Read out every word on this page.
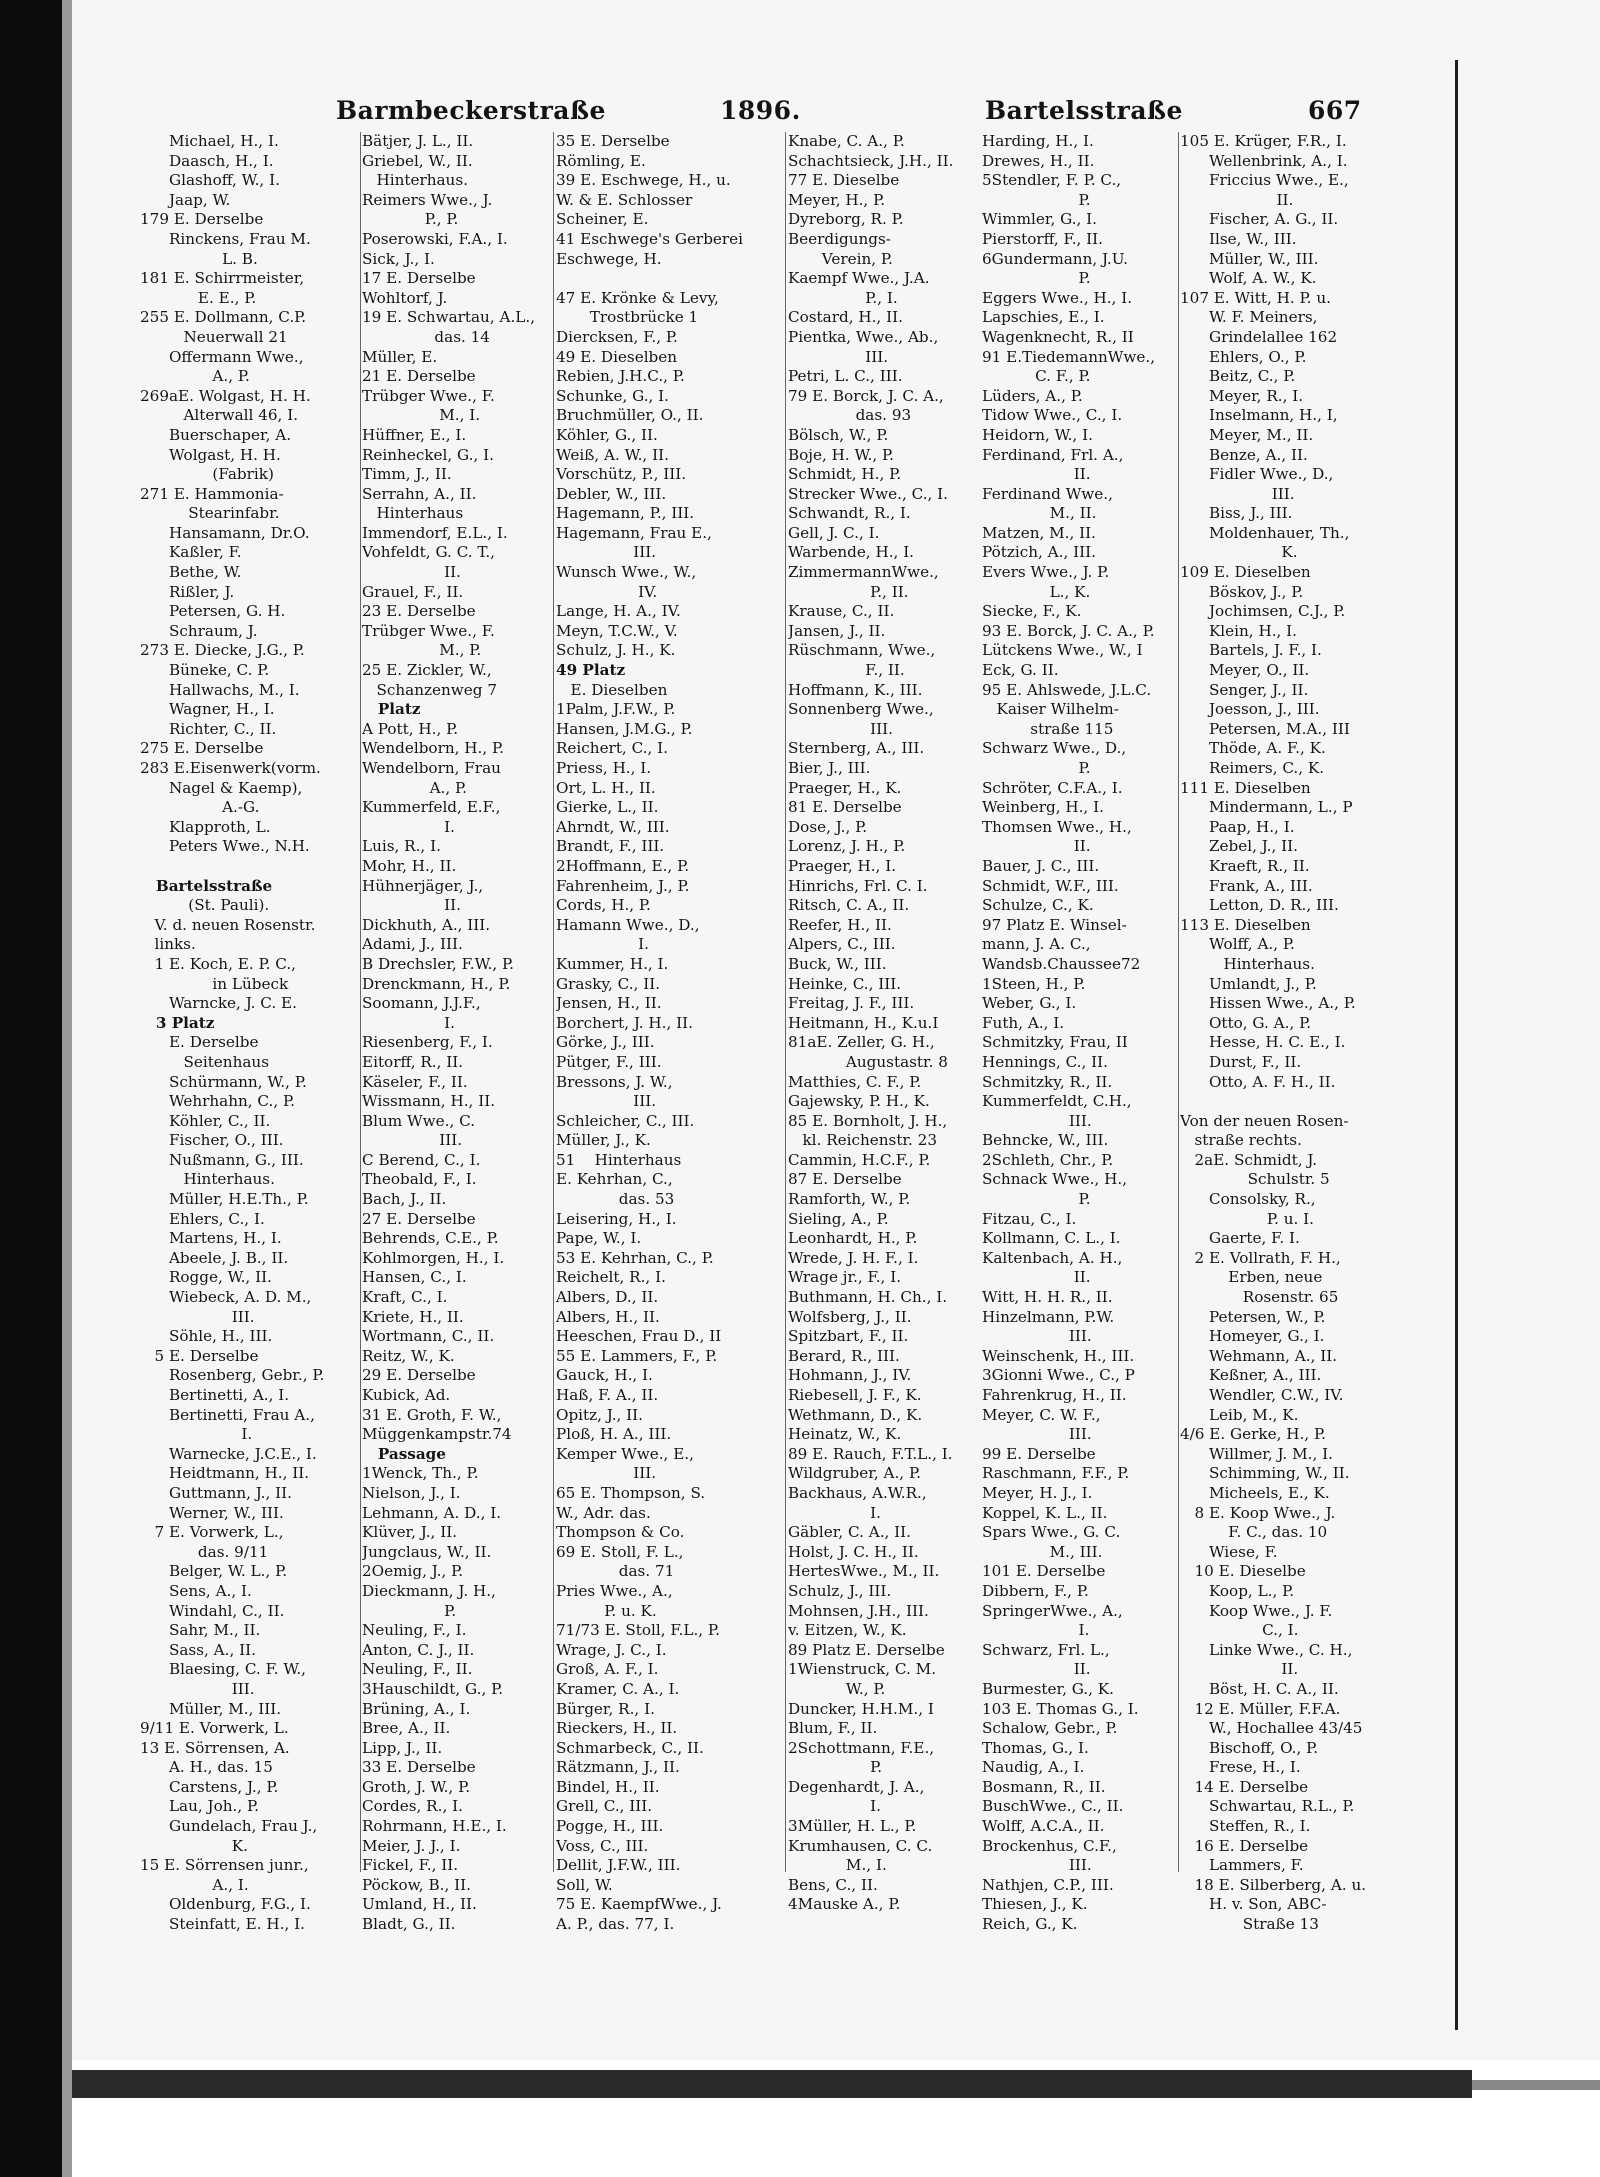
Barmbeckerstraße	1896.	Bartelsstraße	667
Michael, H., I.
Daasch, H., I.
Glashoff, W., I.
Jaap, W.
179 E. Derselbe
Rinckens, Frau M.
L. B.
181 E. Schirrmeister,
E. E., P.
255 E. Dollmann, C.P.
Neuerwall 21
Offermann Wwe.,
A., P.
269aE. Wolgast, H. H.
Alterwall 46, I.
Buerschaper, A.
Wolgast, H. H.
(Fabrik)
271 E. Hammonia-
Stearinfabr.
Hansamann, Dr.O.
Kaßler, F.
Bethe, W.
Rißler, J.
Petersen, G. H.
Schraum, J.
273 E. Diecke, J.G., P.
Büneke, C. P.
Hallwachs, M., I.
Wagner, H., I.
Richter, C., II.
275 E. Derselbe
283 E.Eisenwerk(vorm.
Nagel & Kaemp),
A.-G.
Klapproth, L.
Peters Wwe., N.H.
Bartelsstraße
(St. Pauli).
V. d. neuen Rosenstr.
links.
1 E. Koch, E. P. C.,
in Lübeck
Warncke, J. C. E.
3 Platz
E. Derselbe
Seitenhaus
Schürmann, W., P.
Wehrhahn, C., P.
Köhler, C., II.
Fischer, O., III.
Nußmann, G., III.
Hinterhaus.
Müller, H.E.Th., P.
Ehlers, C., I.
Martens, H., I.
Abeele, J. B., II.
Rogge, W., II.
Wiebeck, A. D. M.,
III.
Söhle, H., III.
5 E. Derselbe
Rosenberg, Gebr., P.
Bertinetti, A., I.
Bertinetti, Frau A.,
I.
Warnecke, J.C.E., I.
Heidtmann, H., II.
Guttmann, J., II.
Werner, W., III.
7 E. Vorwerk, L.,
das. 9/11
Belger, W. L., P.
Sens, A., I.
Windahl, C., II.
Sahr, M., II.
Sass, A., II.
Blaesing, C. F. W.,
III.
Müller, M., III.
9/11 E. Vorwerk, L.
13 E. Sörrensen, A.
A. H., das. 15
Carstens, J., P.
Lau, Joh., P.
Gundelach, Frau J.,
K.
15 E. Sörrensen junr.,
A., I.
Oldenburg, F.G., I.
Steinfatt, E. H., I.
Bätjer, J. L., II.
Griebel, W., II.
Hinterhaus.
Reimers Wwe., J.
P., P.
Poserowski, F.A., I.
Sick, J., I.
17 E. Derselbe
Wohltorf, J.
19 E. Schwartau, A.L.,
das. 14
Müller, E.
21 E. Derselbe
Trübger Wwe., F.
M., I.
Hüffner, E., I.
Reinheckel, G., I.
Timm, J., II.
Serrahn, A., II.
Hinterhaus
Immendorf, E.L., I.
Vohfeldt, G. C. T.,
II.
Grauel, F., II.
23 E. Derselbe
Trübger Wwe., F.
M., P.
25 E. Zickler, W.,
Schanzenweg 7
Platz
A Pott, H., P.
Wendelborn, H., P.
Wendelborn, Frau
A., P.
Kummerfeld, E.F.,
I.
Luis, R., I.
Mohr, H., II.
Hühnerjäger, J.,
II.
Dickhuth, A., III.
Adami, J., III.
B Drechsler, F.W., P.
Drenckmann, H., P.
Soomann, J.J.F.,
I.
Riesenberg, F., I.
Eitorff, R., II.
Käseler, F., II.
Wissmann, H., II.
Blum Wwe., C.
III.
C Berend, C., I.
Theobald, F., I.
Bach, J., II.
27 E. Derselbe
Behrends, C.E., P.
Kohlmorgen, H., I.
Hansen, C., I.
Kraft, C., I.
Kriete, H., II.
Wortmann, C., II.
Reitz, W., K.
29 E. Derselbe
Kubick, Ad.
31 E. Groth, F. W.,
Müggenkampstr.74
Passage
1Wenck, Th., P.
Nielson, J., I.
Lehmann, A. D., I.
Klüver, J., II.
Jungclaus, W., II.
2Oemig, J., P.
Dieckmann, J. H.,
P.
Neuling, F., I.
Anton, C. J., II.
Neuling, F., II.
3Hauschildt, G., P.
Brüning, A., I.
Bree, A., II.
Lipp, J., II.
33 E. Derselbe
Groth, J. W., P.
Cordes, R., I.
Rohrmann, H.E., I.
Meier, J. J., I.
Fickel, F., II.
Pöckow, B., II.
Umland, H., II.
Bladt, G., II.
35 E. Derselbe
Römling, E.
39 E. Eschwege, H., u.
W. & E. Schlosser
Scheiner, E.
41 Eschwege's Gerberei
Eschwege, H.
47 E. Krönke & Levy,
Trostbrücke 1
Diercksen, F., P.
49 E. Dieselben
Rebien, J.H.C., P.
Schunke, G., I.
Bruchmüller, O., II.
Köhler, G., II.
Weiß, A. W., II.
Vorschütz, P., III.
Debler, W., III.
Hagemann, P., III.
Hagemann, Frau E.,
III.
Wunsch Wwe., W.,
IV.
Lange, H. A., IV.
Meyn, T.C.W., V.
Schulz, J. H., K.
49 Platz
E. Dieselben
1Palm, J.F.W., P.
Hansen, J.M.G., P.
Reichert, C., I.
Priess, H., I.
Ort, L. H., II.
Gierke, L., II.
Ahrndt, W., III.
Brandt, F., III.
2Hoffmann, E., P.
Fahrenheim, J., P.
Cords, H., P.
Hamann Wwe., D.,
I.
Kummer, H., I.
Grasky, C., II.
Jensen, H., II.
Borchert, J. H., II.
Görke, J., III.
Pütger, F., III.
Bressons, J. W.,
III.
Schleicher, C., III.
Müller, J., K.
51    Hinterhaus
E. Kehrhan, C.,
das. 53
Leisering, H., I.
Pape, W., I.
53 E. Kehrhan, C., P.
Reichelt, R., I.
Albers, D., II.
Albers, H., II.
Heeschen, Frau D., II
55 E. Lammers, F., P.
Gauck, H., I.
Haß, F. A., II.
Opitz, J., II.
Ploß, H. A., III.
Kemper Wwe., E.,
III.
65 E. Thompson, S.
W., Adr. das.
Thompson & Co.
69 E. Stoll, F. L.,
das. 71
Pries Wwe., A.,
P. u. K.
71/73 E. Stoll, F.L., P.
Wrage, J. C., I.
Groß, A. F., I.
Kramer, C. A., I.
Bürger, R., I.
Rieckers, H., II.
Schmarbeck, C., II.
Rätzmann, J., II.
Bindel, H., II.
Grell, C., III.
Pogge, H., III.
Voss, C., III.
Dellit, J.F.W., III.
Soll, W.
75 E. KaempfWwe., J.
A. P., das. 77, I.
Knabe, C. A., P.
Schachtsieck, J.H., II.
77 E. Dieselbe
Meyer, H., P.
Dyreborg, R. P.
Beerdigungs-
Verein, P.
Kaempf Wwe., J.A.
P., I.
Costard, H., II.
Pientka, Wwe., Ab.,
III.
Petri, L. C., III.
79 E. Borck, J. C. A.,
das. 93
Bölsch, W., P.
Boje, H. W., P.
Schmidt, H., P.
Strecker Wwe., C., I.
Schwandt, R., I.
Gell, J. C., I.
Warbende, H., I.
ZimmermannWwe.,
P., II.
Krause, C., II.
Jansen, J., II.
Rüschmann, Wwe.,
F., II.
Hoffmann, K., III.
Sonnenberg Wwe.,
III.
Sternberg, A., III.
Bier, J., III.
Praeger, H., K.
81 E. Derselbe
Dose, J., P.
Lorenz, J. H., P.
Praeger, H., I.
Hinrichs, Frl. C. I.
Ritsch, C. A., II.
Reefer, H., II.
Alpers, C., III.
Buck, W., III.
Heinke, C., III.
Freitag, J. F., III.
Heitmann, H., K.u.I
81aE. Zeller, G. H.,
Augustastr. 8
Matthies, C. F., P.
Gajewsky, P. H., K.
85 E. Bornholt, J. H.,
kl. Reichenstr. 23
Cammin, H.C.F., P.
87 E. Derselbe
Ramforth, W., P.
Sieling, A., P.
Leonhardt, H., P.
Wrede, J. H. F., I.
Wrage jr., F., I.
Buthmann, H. Ch., I.
Wolfsberg, J., II.
Spitzbart, F., II.
Berard, R., III.
Hohmann, J., IV.
Riebesell, J. F., K.
Wethmann, D., K.
Heinatz, W., K.
89 E. Rauch, F.T.L., I.
Wildgruber, A., P.
Backhaus, A.W.R.,
I.
Gäbler, C. A., II.
Holst, J. C. H., II.
HertesWwe., M., II.
Schulz, J., III.
Mohnsen, J.H., III.
v. Eitzen, W., K.
89 Platz E. Derselbe
1Wienstruck, C. M.
W., P.
Duncker, H.H.M., I
Blum, F., II.
2Schottmann, F.E.,
P.
Degenhardt, J. A.,
I.
3Müller, H. L., P.
Krumhausen, C. C.
M., I.
Bens, C., II.
4Mauske A., P.
Harding, H., I.
Drewes, H., II.
5Stendler, F. P. C.,
P.
Wimmler, G., I.
Pierstorff, F., II.
6Gundermann, J.U.
P.
Eggers Wwe., H., I.
Lapschies, E., I.
Wagenknecht, R., II
91 E.TiedemannWwe.,
C. F., P.
Lüders, A., P.
Tidow Wwe., C., I.
Heidorn, W., I.
Ferdinand, Frl. A.,
II.
Ferdinand Wwe.,
M., II.
Matzen, M., II.
Pötzich, A., III.
Evers Wwe., J. P.
L., K.
Siecke, F., K.
93 E. Borck, J. C. A., P.
Lütckens Wwe., W., I
Eck, G. II.
95 E. Ahlswede, J.L.C.
Kaiser Wilhelm-
straße 115
Schwarz Wwe., D.,
P.
Schröter, C.F.A., I.
Weinberg, H., I.
Thomsen Wwe., H.,
II.
Bauer, J. C., III.
Schmidt, W.F., III.
Schulze, C., K.
97 Platz E. Winsel-
mann, J. A. C.,
Wandsb.Chaussee72
1Steen, H., P.
Weber, G., I.
Futh, A., I.
Schmitzky, Frau, II
Hennings, C., II.
Schmitzky, R., II.
Kummerfeldt, C.H.,
III.
Behncke, W., III.
2Schleth, Chr., P.
Schnack Wwe., H.,
P.
Fitzau, C., I.
Kollmann, C. L., I.
Kaltenbach, A. H.,
II.
Witt, H. H. R., II.
Hinzelmann, P.W.
III.
Weinschenk, H., III.
3Gionni Wwe., C., P
Fahrenkrug, H., II.
Meyer, C. W. F.,
III.
99 E. Derselbe
Raschmann, F.F., P.
Meyer, H. J., I.
Koppel, K. L., II.
Spars Wwe., G. C.
M., III.
101 E. Derselbe
Dibbern, F., P.
SpringerWwe., A.,
I.
Schwarz, Frl. L.,
II.
Burmester, G., K.
103 E. Thomas G., I.
Schalow, Gebr., P.
Thomas, G., I.
Naudig, A., I.
Bosmann, R., II.
BuschWwe., C., II.
Wolff, A.C.A., II.
Brockenhus, C.F.,
III.
Nathjen, C.P., III.
Thiesen, J., K.
Reich, G., K.
105 E. Krüger, F.R., I.
Wellenbrink, A., I.
Friccius Wwe., E.,
II.
Fischer, A. G., II.
Ilse, W., III.
Müller, W., III.
Wolf, A. W., K.
107 E. Witt, H. P. u.
W. F. Meiners,
Grindelallee 162
Ehlers, O., P.
Beitz, C., P.
Meyer, R., I.
Inselmann, H., I,
Meyer, M., II.
Benze, A., II.
Fidler Wwe., D.,
III.
Biss, J., III.
Moldenhauer, Th.,
K.
109 E. Dieselben
Böskov, J., P.
Jochimsen, C.J., P.
Klein, H., I.
Bartels, J. F., I.
Meyer, O., II.
Senger, J., II.
Joesson, J., III.
Petersen, M.A., III
Thöde, A. F., K.
Reimers, C., K.
111 E. Dieselben
Mindermann, L., P
Paap, H., I.
Zebel, J., II.
Kraeft, R., II.
Frank, A., III.
Letton, D. R., III.
113 E. Dieselben
Wolff, A., P.
Hinterhaus.
Umlandt, J., P.
Hissen Wwe., A., P.
Otto, G. A., P.
Hesse, H. C. E., I.
Durst, F., II.
Otto, A. F. H., II.
Von der neuen Rosen-
straße rechts.
2aE. Schmidt, J.
Schulstr. 5
Consolsky, R.,
P. u. I.
Gaerte, F. I.
2 E. Vollrath, F. H.,
Erben, neue
Rosenstr. 65
Petersen, W., P.
Homeyer, G., I.
Wehmann, A., II.
Keßner, A., III.
Wendler, C.W., IV.
Leib, M., K.
4/6 E. Gerke, H., P.
Willmer, J. M., I.
Schimming, W., II.
Micheels, E., K.
8 E. Koop Wwe., J.
F. C., das. 10
Wiese, F.
10 E. Dieselbe
Koop, L., P.
Koop Wwe., J. F.
C., I.
Linke Wwe., C. H.,
II.
Böst, H. C. A., II.
12 E. Müller, F.F.A.
W., Hochallee 43/45
Bischoff, O., P.
Frese, H., I.
14 E. Derselbe
Schwartau, R.L., P.
Steffen, R., I.
16 E. Derselbe
Lammers, F.
18 E. Silberberg, A. u.
H. v. Son, ABC-
Straße 13
